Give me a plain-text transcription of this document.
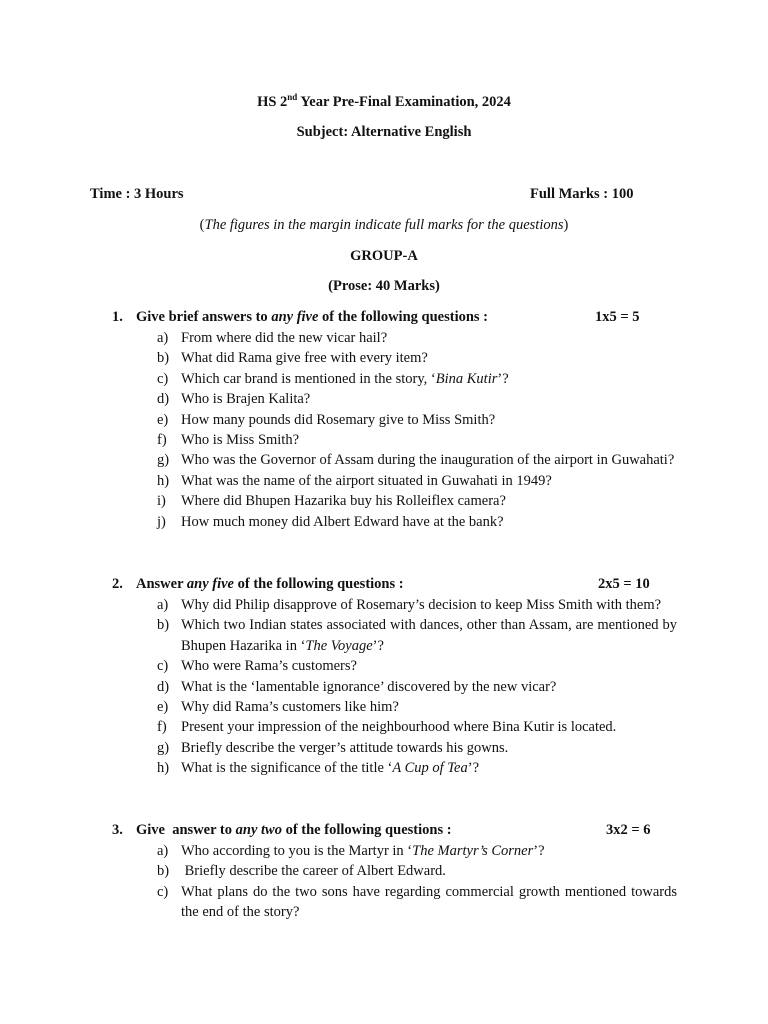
HS 2nd Year Pre-Final Examination, 2024
Subject: Alternative English
Time : 3 Hours	Full Marks : 100
(The figures in the margin indicate full marks for the questions)
GROUP-A
(Prose: 40 Marks)
1. Give brief answers to any five of the following questions :	1x5 = 5
a) From where did the new vicar hail?
b) What did Rama give free with every item?
c) Which car brand is mentioned in the story, ‘Bina Kutir’?
d) Who is Brajen Kalita?
e) How many pounds did Rosemary give to Miss Smith?
f) Who is Miss Smith?
g) Who was the Governor of Assam during the inauguration of the airport in Guwahati?
h) What was the name of the airport situated in Guwahati in 1949?
i)	Where did Bhupen Hazarika buy his Rolleiflex camera?
j)	How much money did Albert Edward have at the bank?
2. Answer any five of the following questions :	2x5 = 10
a) Why did Philip disapprove of Rosemary’s decision to keep Miss Smith with them?
b) Which two Indian states associated with dances, other than Assam, are mentioned by Bhupen Hazarika in ‘The Voyage’?
c) Who were Rama’s customers?
d) What is the ‘lamentable ignorance’ discovered by the new vicar?
e) Why did Rama’s customers like him?
f) Present your impression of the neighbourhood where Bina Kutir is located.
g) Briefly describe the verger’s attitude towards his gowns.
h) What is the significance of the title ‘A Cup of Tea’?
3. Give  answer to any two of the following questions :	3x2 = 6
a) Who according to you is the Martyr in ‘The Martyr’s Corner’?
b) Briefly describe the career of Albert Edward.
c) What plans do the two sons have regarding commercial growth mentioned towards the end of the story?
